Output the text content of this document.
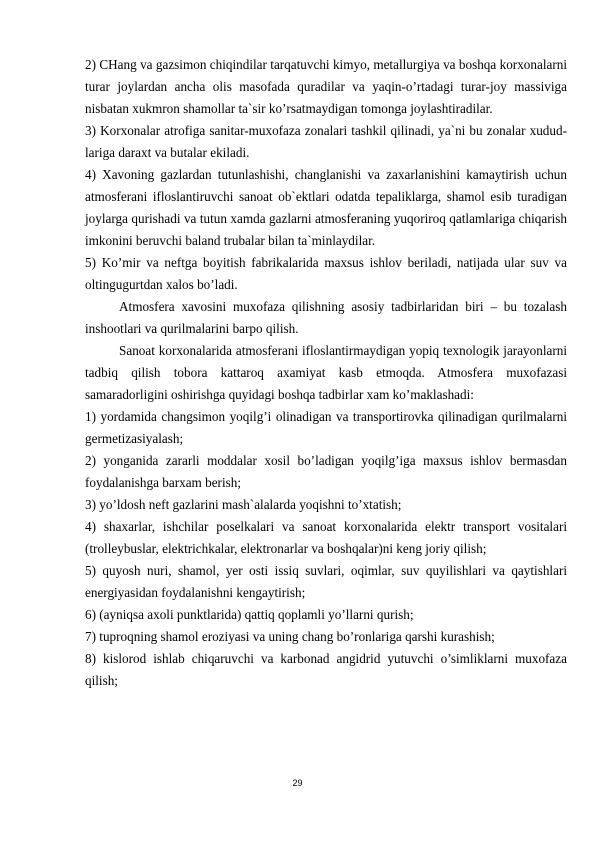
2) CHang va gazsimon chiqindilar tarqatuvchi kimyo, metallurgiya va boshqa korxonalarni turar joylardan ancha olis masofada quradilar va yaqin-o’rtadagi turar-joy massiviga nisbatan xukmron shamollar ta`sir ko’rsatmaydigan tomonga joylashtiradilar.

3) Korxonalar atrofiga sanitar-muxofaza zonalari tashkil qilinadi, ya`ni bu zonalar xududlariga daraxt va butalar ekiladi.

4) Xavoning gazlardan tutunlashishi, changlanishi va zaxarlanishini kamaytirish uchun atmosferani ifloslantiruvchi sanoat ob`ektlari odatda tepaliklarga, shamol esib turadigan joylarga qurishadi va tutun xamda gazlarni atmosferaning yuqoriroq qatlamlariga chiqarish imkonini beruvchi baland trubalar bilan ta`minlaydilar.

5) Ko’mir va neftga boyitish fabrikalarida maxsus ishlov beriladi, natijada ular suv va oltingugurtdan xalos bo’ladi.

Atmosfera xavosini muxofaza qilishning asosiy tadbirlaridan biri – bu tozalash inshootlari va qurilmalarini barpo qilish.

Sanoat korxonalarida atmosferani ifloslantirmaydigan yopiq texnologik jarayonlarni tadbiq qilish tobora kattaroq axamiyat kasb etmoqda. Atmosfera muxofazasi samaradorligini oshirishga quyidagi boshqa tadbirlar xam ko’maklashadi:

1) yordamida changsimon yoqilg’i olinadigan va transportirovka qilinadigan qurilmalarni germetizasiyalash;

2) yonganida zararli moddalar xosil bo’ladigan yoqilg’iga maxsus ishlov bermasdan foydalanishga barxam berish;

3) yo’ldosh neft gazlarini mash`alalarda yoqishni to’xtatish;

4) shaxarlar, ishchilar poselkalari va sanoat korxonalarida elektr transport vositalari (trolleybuslar, elektrichkalar, elektronarlar va boshqalar)ni keng joriy qilish;

5) quyosh nuri, shamol, yer osti issiq suvlari, oqimlar, suv quyilishlari va qaytishlari energiyasidan foydalanishni kengaytirish;

6) (ayniqsa axoli punktlarida) qattiq qoplamli yo’llarni qurish;

7) tuproqning shamol eroziyasi va uning chang bo’ronlariga qarshi kurashish;

8) kislorod ishlab chiqaruvchi va karbonad angidrid yutuvchi o’simliklarni muxofaza qilish;

29
